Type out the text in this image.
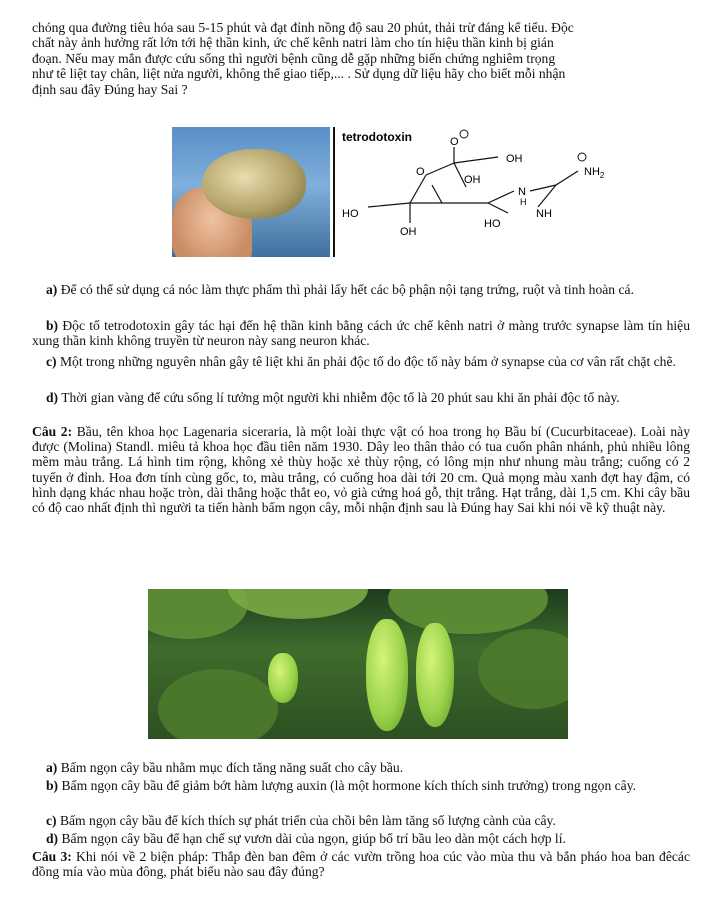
chóng qua đường tiêu hóa sau 5-15 phút và đạt đỉnh nồng độ sau 20 phút, thải trừ đáng kể tiểu. Độc
chất này ảnh hưởng rất lớn tới hệ thần kinh, ức chế kênh natri làm cho tín hiệu thần kinh bị gián
đoạn. Nếu may mắn được cứu sống thì người bệnh cũng dễ gặp những biến chứng nghiêm trọng
như tê liệt tay chân, liệt nửa người, không thể giao tiếp,... . Sử dụng dữ liệu hãy cho biết mỗi nhận
định sau đây Đúng hay Sai ?
tetrodotoxin	O
OH
O
OH
N
H
$NH_2$
NH
HO
HO
OH
a) Để có thể sử dụng cá nóc làm thực phẩm thì phải lấy hết các bộ phận nội tạng trứng, ruột và tinh hoàn cá.
b) Độc tố tetrodotoxin gây tác hại đến hệ thần kinh bằng cách ức chế kênh natri ở màng trước synapse làm tín hiệu xung thần kinh không truyền từ neuron này sang neuron khác.
c) Một trong những nguyên nhân gây tê liệt khi ăn phải độc tố do độc tố này bám ở synapse của cơ vân rất chặt chẽ.
d) Thời gian vàng để cứu sống lí tưởng một người khi nhiễm độc tố là 20 phút sau khi ăn phải độc tố này.
Câu 2: Bầu, tên khoa học Lagenaria siceraria, là một loài thực vật có hoa trong họ Bầu bí (Cucurbitaceae). Loài này được (Molina) Standl. miêu tả khoa học đầu tiên năm 1930. Dây leo thân thảo có tua cuốn phân nhánh, phủ nhiều lông mềm màu trắng. Lá hình tim rộng, không xẻ thùy hoặc xẻ thùy rộng, có lông mịn như nhung màu trắng; cuống có 2 tuyến ở đỉnh. Hoa đơn tính cùng gốc, to, màu trắng, có cuống hoa dài tới 20 cm. Quả mọng màu xanh đợt hay đậm, có hình dạng khác nhau hoặc tròn, dài thẳng hoặc thắt eo, vỏ già cứng hoá gỗ, thịt trắng. Hạt trắng, dài 1,5 cm. Khi cây bầu có độ cao nhất định thì người ta tiến hành bấm ngọn cây, mỗi nhận định sau là Đúng hay Sai khi nói về kỹ thuật này.
a) Bấm ngọn cây bầu nhằm mục đích tăng năng suất cho cây bầu.
b) Bấm ngọn cây bầu để giảm bớt hàm lượng auxin (là một hormone kích thích sinh trưởng) trong ngọn cây.
c) Bấm ngọn cây bầu để kích thích sự phát triển của chồi bên làm tăng số lượng cành của cây.
d) Bấm ngọn cây bầu để hạn chế sự vươn dài của ngọn, giúp bố trí bầu leo dàn một cách hợp lí.
Câu 3: Khi nói về 2 biện pháp: Thắp đèn ban đêm ở các vườn trồng hoa cúc vào mùa thu và bắn pháo hoa ban đêcác đồng mía vào mùa đông, phát biểu nào sau đây đúng?
